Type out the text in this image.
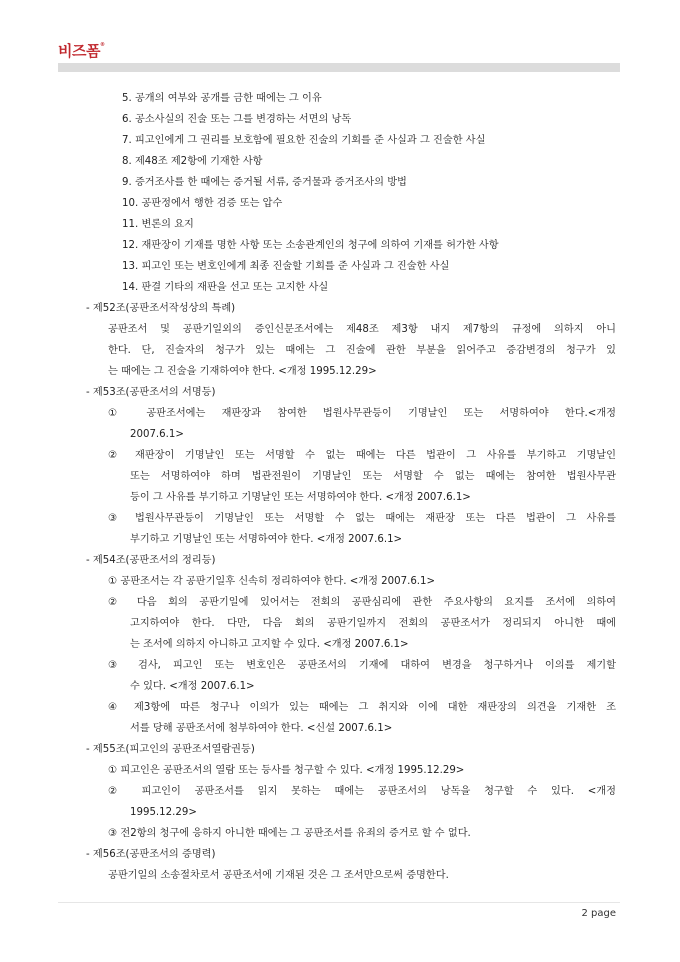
비즈폼®
5. 공개의 여부와 공개를 금한 때에는 그 이유
6. 공소사실의 진술 또는 그를 변경하는 서면의 낭독
7. 피고인에게 그 권리를 보호함에 필요한 진술의 기회를 준 사실과 그 진술한 사실
8. 제48조 제2항에 기재한 사항
9. 증거조사를 한 때에는 증거될 서류, 증거물과 증거조사의 방법
10. 공판정에서 행한 검증 또는 압수
11. 변론의 요지
12. 재판장이 기재를 명한 사항 또는 소송관계인의 청구에 의하여 기재를 허가한 사항
13. 피고인 또는 변호인에게 최종 진술할 기회를 준 사실과 그 진술한 사실
14. 판결 기타의 재판을 선고 또는 고지한 사실
- 제52조(공판조서작성상의 특례)
공판조서 및 공판기일외의 증인신문조서에는 제48조 제3항 내지 제7항의 규정에 의하지 아니
한다. 단, 진술자의 청구가 있는 때에는 그 진술에 관한 부분을 읽어주고 증감변경의 청구가 있
는 때에는 그 진술을 기재하여야 한다. <개정 1995.12.29>
- 제53조(공판조서의 서명등)
① 공판조서에는 재판장과 참여한 법원사무관등이 기명날인 또는 서명하여야 한다.<개정
2007.6.1>
② 재판장이 기명날인 또는 서명할 수 없는 때에는 다른 법관이 그 사유를 부기하고 기명날인
또는 서명하여야 하며 법관전원이 기명날인 또는 서명할 수 없는 때에는 참여한 법원사무관
등이 그 사유를 부기하고 기명날인 또는 서명하여야 한다. <개정 2007.6.1>
③ 법원사무관등이 기명날인 또는 서명할 수 없는 때에는 재판장 또는 다른 법관이 그 사유를
부기하고 기명날인 또는 서명하여야 한다. <개정 2007.6.1>
- 제54조(공판조서의 정리등)
① 공판조서는 각 공판기일후 신속히 정리하여야 한다. <개정 2007.6.1>
② 다음 회의 공판기일에 있어서는 전회의 공판심리에 관한 주요사항의 요지를 조서에 의하여
고지하여야 한다. 다만, 다음 회의 공판기일까지 전회의 공판조서가 정리되지 아니한 때에
는 조서에 의하지 아니하고 고지할 수 있다. <개정 2007.6.1>
③ 검사, 피고인 또는 변호인은 공판조서의 기재에 대하여 변경을 청구하거나 이의를 제기할
수 있다. <개정 2007.6.1>
④ 제3항에 따른 청구나 이의가 있는 때에는 그 취지와 이에 대한 재판장의 의견을 기재한 조
서를 당해 공판조서에 첨부하여야 한다. <신설 2007.6.1>
- 제55조(피고인의 공판조서열람권등)
① 피고인은 공판조서의 열람 또는 등사를 청구할 수 있다. <개정 1995.12.29>
② 피고인이 공판조서를 읽지 못하는 때에는 공판조서의 낭독을 청구할 수 있다. <개정
1995.12.29>
③ 전2항의 청구에 응하지 아니한 때에는 그 공판조서를 유죄의 증거로 할 수 없다.
- 제56조(공판조서의 증명력)
공판기일의 소송절차로서 공판조서에 기재된 것은 그 조서만으로써 증명한다.
2 page
